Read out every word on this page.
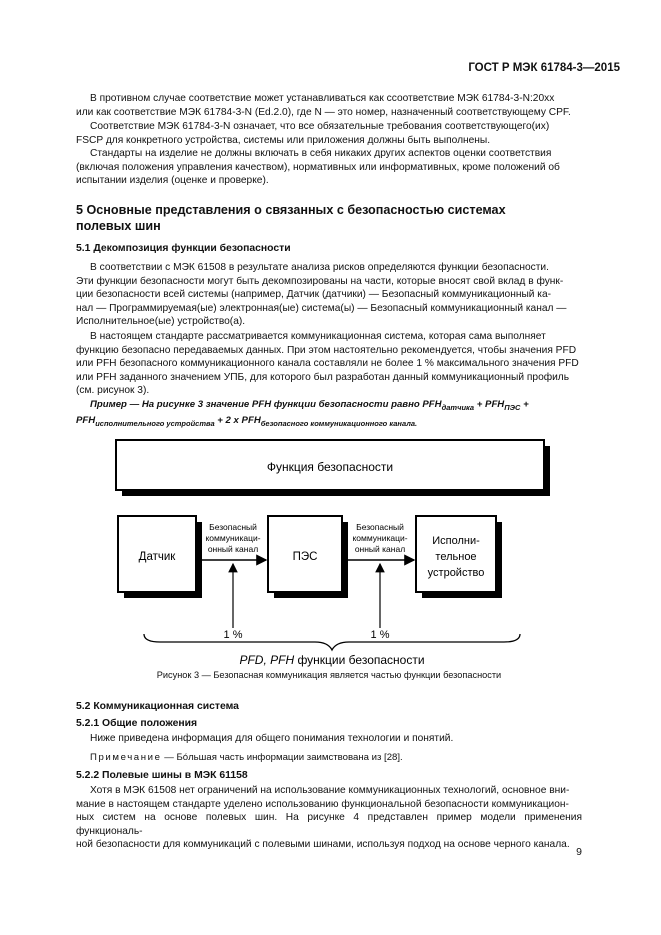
ГОСТ Р МЭК 61784-3—2015
В противном случае соответствие может устанавливаться как ссоответствие МЭК 61784-3-N:20xx
или как соответствие МЭК 61784-3-N (Ed.2.0), где N — это номер, назначенный соответствующему CPF.
Соответствие МЭК 61784-3-N означает, что все обязательные требования соответствующего(их)
FSCP для конкретного устройства, системы или приложения должны быть выполнены.
Стандарты на изделие не должны включать в себя никаких других аспектов оценки соответствия
(включая положения управления качеством), нормативных или информативных, кроме положений об
испытании изделия (оценке и проверке).
5 Основные представления о связанных с безопасностью системах
полевых шин
5.1 Декомпозиция функции безопасности
В соответствии с МЭК 61508 в результате анализа рисков определяются функции безопасности.
Эти функции безопасности могут быть декомпозированы на части, которые вносят свой вклад в функ-
ции безопасности всей системы (например, Датчик (датчики) — Безопасный коммуникационный ка-
нал — Программируемая(ые) электронная(ые) система(ы) — Безопасный коммуникационный канал —
Исполнительное(ые) устройство(а).
В настоящем стандарте рассматривается коммуникационная система, которая сама выполняет
функцию безопасно передаваемых данных. При этом настоятельно рекомендуется, чтобы значения PFD
или PFH безопасного коммуникационного канала составляли не более 1 % максимального значения PFD
или PFH заданного значением УПБ, для которого был разработан данный коммуникационный профиль
(см. рисунок 3).
Пример — На рисунке 3 значение PFH функции безопасности равно $PFH_{датчика} + PFH_{ПЭС}$ +
$PFH_{исполнительного устройства} + 2$ x $PFH_{безопасного коммуникационного канала.}$
Функция безопасности
Датчик	ПЭС
Исполни-
тельное
устройство
Безопасный
коммуникаци-
онный канал
1 %
Безопасный
коммуникаци-
онный канал
1 %
PFD, PFH функции безопасности
Рисунок 3 — Безопасная коммуникация является частью функции безопасности
5.2 Коммуникационная система
5.2.1 Общие положения
Ниже приведена информация для общего понимания технологии и понятий.
Примечание — Бóльшая часть информации заимствована из [28].
5.2.2 Полевые шины в МЭК 61158
Хотя в МЭК 61508 нет ограничений на использование коммуникационных технологий, основное вни-
мание в настоящем стандарте уделено использованию функциональной безопасности коммуникацион-
ных систем на основе полевых шин. На рисунке 4 представлен пример модели применения функциональ-
ной безопасности для коммуникаций с полевыми шинами, используя подход на основе черного канала.
9
